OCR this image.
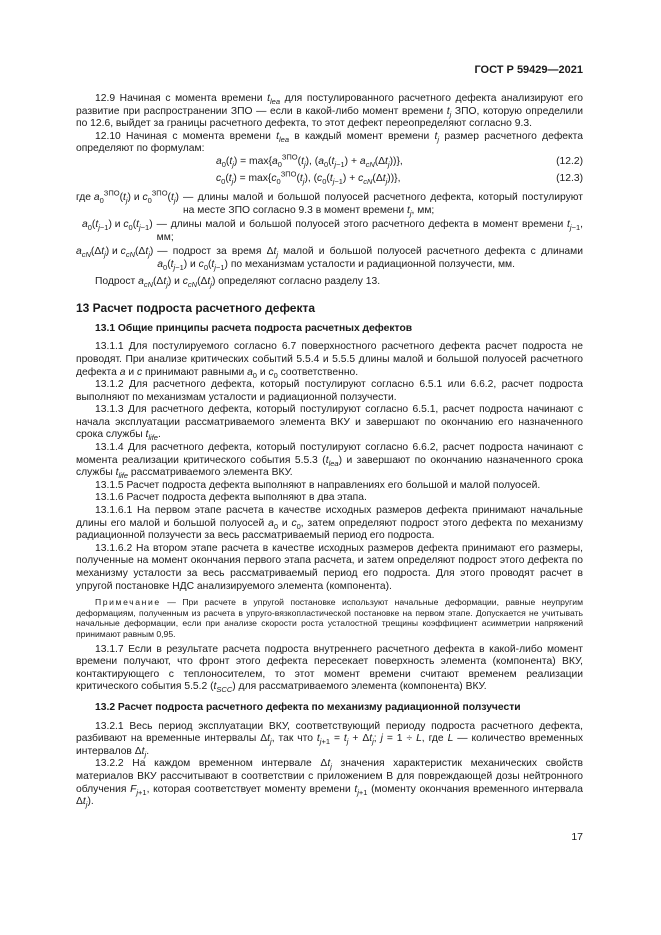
ГОСТ Р 59429—2021

12.9 Начиная с момента времени $t_{lea}$ для постулированного расчетного дефекта анализируют его развитие при распространении ЗПО — если в какой-либо момент времени $t_j$ ЗПО, которую определили по 12.6, выйдет за границы расчетного дефекта, то этот дефект переопределяют согласно 9.3.

12.10 Начиная с момента времени $t_{lea}$ в каждый момент времени $t_j$ размер расчетного дефекта определяют по формулам:

$a_0(t_j) = \max\{a_0^{ЗПО}(t_j)$, $(a_0(t_{j-1}) + a_{cN}(\Delta t_j))$},	(12.2)
$c_0(t_j) = \max\{c_0^{ЗПО}(t_j)$, $(c_0(t_{j-1}) + c_{cN}(\Delta t_j))$},	(12.3)
где $a_0^{ЗПО}(t_j)$ и $c_0^{ЗПО}(t_j)$ — длины малой и большой полуосей расчетного дефекта, который постулируют на месте ЗПО согласно 9.3 в момент времени $t_j$, мм;
$a_0(t_{j-1})$ и $c_0(t_{j-1})$ — длины малой и большой полуосей этого расчетного дефекта в момент времени $t_{j-1}$, мм;
$a_{cN}(\Delta t_j)$ и $c_{cN}(\Delta t_j)$ — подрост за время $\Delta t_j$ малой и большой полуосей расчетного дефекта с длинами $a_0(t_{j-1})$ и $c_0(t_{j-1})$ по механизмам усталости и радиационной ползучести, мм.

Подрост $a_{cN}(\Delta t_j)$ и $c_{cN}(\Delta t_j)$ определяют согласно разделу 13.

13 Расчет подроста расчетного дефекта
13.1 Общие принципы расчета подроста расчетных дефектов

13.1.1 Для постулируемого согласно 6.7 поверхностного расчетного дефекта расчет подроста не проводят. При анализе критических событий 5.5.4 и 5.5.5 длины малой и большой полуосей расчетного дефекта a и c принимают равными $a_0$ и $c_0$ соответственно.

13.1.2 Для расчетного дефекта, который постулируют согласно 6.5.1 или 6.6.2, расчет подроста выполняют по механизмам усталости и радиационной ползучести.

13.1.3 Для расчетного дефекта, который постулируют согласно 6.5.1, расчет подроста начинают с начала эксплуатации рассматриваемого элемента ВКУ и завершают по окончанию его назначенного срока службы $t_{life}$.

13.1.4 Для расчетного дефекта, который постулируют согласно 6.6.2, расчет подроста начинают с момента реализации критического события 5.5.3 $(t_{lea})$ и завершают по окончанию назначенного срока службы $t_{life}$ рассматриваемого элемента ВКУ.

13.1.5 Расчет подроста дефекта выполняют в направлениях его большой и малой полуосей.

13.1.6 Расчет подроста дефекта выполняют в два этапа.

13.1.6.1 На первом этапе расчета в качестве исходных размеров дефекта принимают начальные длины его малой и большой полуосей $a_0$ и $c_0$, затем определяют подрост этого дефекта по механизму радиационной ползучести за весь рассматриваемый период его подроста.

13.1.6.2 На втором этапе расчета в качестве исходных размеров дефекта принимают его размеры, полученные на момент окончания первого этапа расчета, и затем определяют подрост этого дефекта по механизму усталости за весь рассматриваемый период его подроста. Для этого проводят расчет в упругой постановке НДС анализируемого элемента (компонента).

Примечание — При расчете в упругой постановке используют начальные деформации, равные неупругим деформациям, полученным из расчета в упруго-вязкопластической постановке на первом этапе. Допускается не учитывать начальные деформации, если при анализе скорости роста усталостной трещины коэффициент асимметрии напряжений принимают равным 0,95.

13.1.7 Если в результате расчета подроста внутреннего расчетного дефекта в какой-либо момент времени получают, что фронт этого дефекта пересекает поверхность элемента (компонента) ВКУ, контактирующего с теплоносителем, то этот момент времени считают временем реализации критического события 5.5.2 $(t_{SCC})$ для рассматриваемого элемента (компонента) ВКУ.

13.2 Расчет подроста расчетного дефекта по механизму радиационной ползучести

13.2.1 Весь период эксплуатации ВКУ, соответствующий периоду подроста расчетного дефекта, разбивают на временные интервалы $\Delta t_j$, так что $t_{j+1} = t_j + \Delta t_j$; j = 1 ÷ L, где L — количество временных интервалов $\Delta t_j$.

13.2.2 На каждом временном интервале $\Delta t_j$ значения характеристик механических свойств материалов ВКУ рассчитывают в соответствии с приложением В для повреждающей дозы нейтронного облучения $F_{j+1}$, которая соответствует моменту времени $t_{j+1}$ (моменту окончания временного интервала $\Delta t_j$).

17
